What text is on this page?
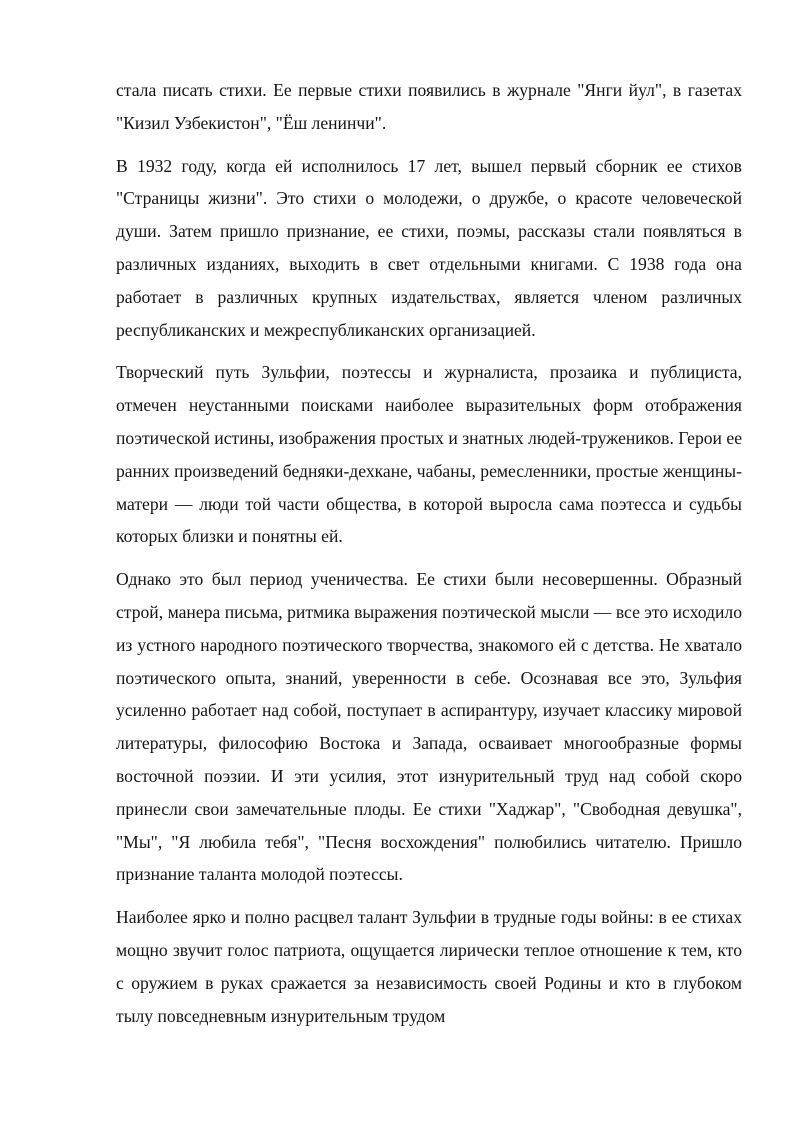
стала писать стихи. Ее первые стихи появились в журнале "Янги йул", в газетах "Кизил Узбекистон", "Ёш ленинчи".

В 1932 году, когда ей исполнилось 17 лет, вышел первый сборник ее стихов "Страницы жизни". Это стихи о молодежи, о дружбе, о красоте человеческой души. Затем пришло признание, ее стихи, поэмы, рассказы стали появляться в различных изданиях, выходить в свет отдельными книгами. С 1938 года она работает в различных крупных издательствах, является членом различных республиканских и межреспубликанских организацией.

Творческий путь Зульфии, поэтессы и журналиста, прозаика и публициста, отмечен неустанными поисками наиболее выразительных форм отображения поэтической истины, изображения простых и знатных людей-тружеников. Герои ее ранних произведений бедняки-дехкане, чабаны, ремесленники, простые женщины-матери — люди той части общества, в которой выросла сама поэтесса и судьбы которых близки и понятны ей.

Однако это был период ученичества. Ее стихи были несовершенны. Образный строй, манера письма, ритмика выражения поэтической мысли — все это исходило из устного народного поэтического творчества, знакомого ей с детства. Не хватало поэтического опыта, знаний, уверенности в себе. Осознавая все это, Зульфия усиленно работает над собой, поступает в аспирантуру, изучает классику мировой литературы, философию Востока и Запада, осваивает многообразные формы восточной поэзии. И эти усилия, этот изнурительный труд над собой скоро принесли свои замечательные плоды. Ее стихи "Хаджар", "Свободная девушка", "Мы", "Я любила тебя", "Песня восхождения" полюбились читателю. Пришло признание таланта молодой поэтессы.

Наиболее ярко и полно расцвел талант Зульфии в трудные годы войны: в ее стихах мощно звучит голос патриота, ощущается лирически теплое отношение к тем, кто с оружием в руках сражается за независимость своей Родины и кто в глубоком тылу повседневным изнурительным трудом
